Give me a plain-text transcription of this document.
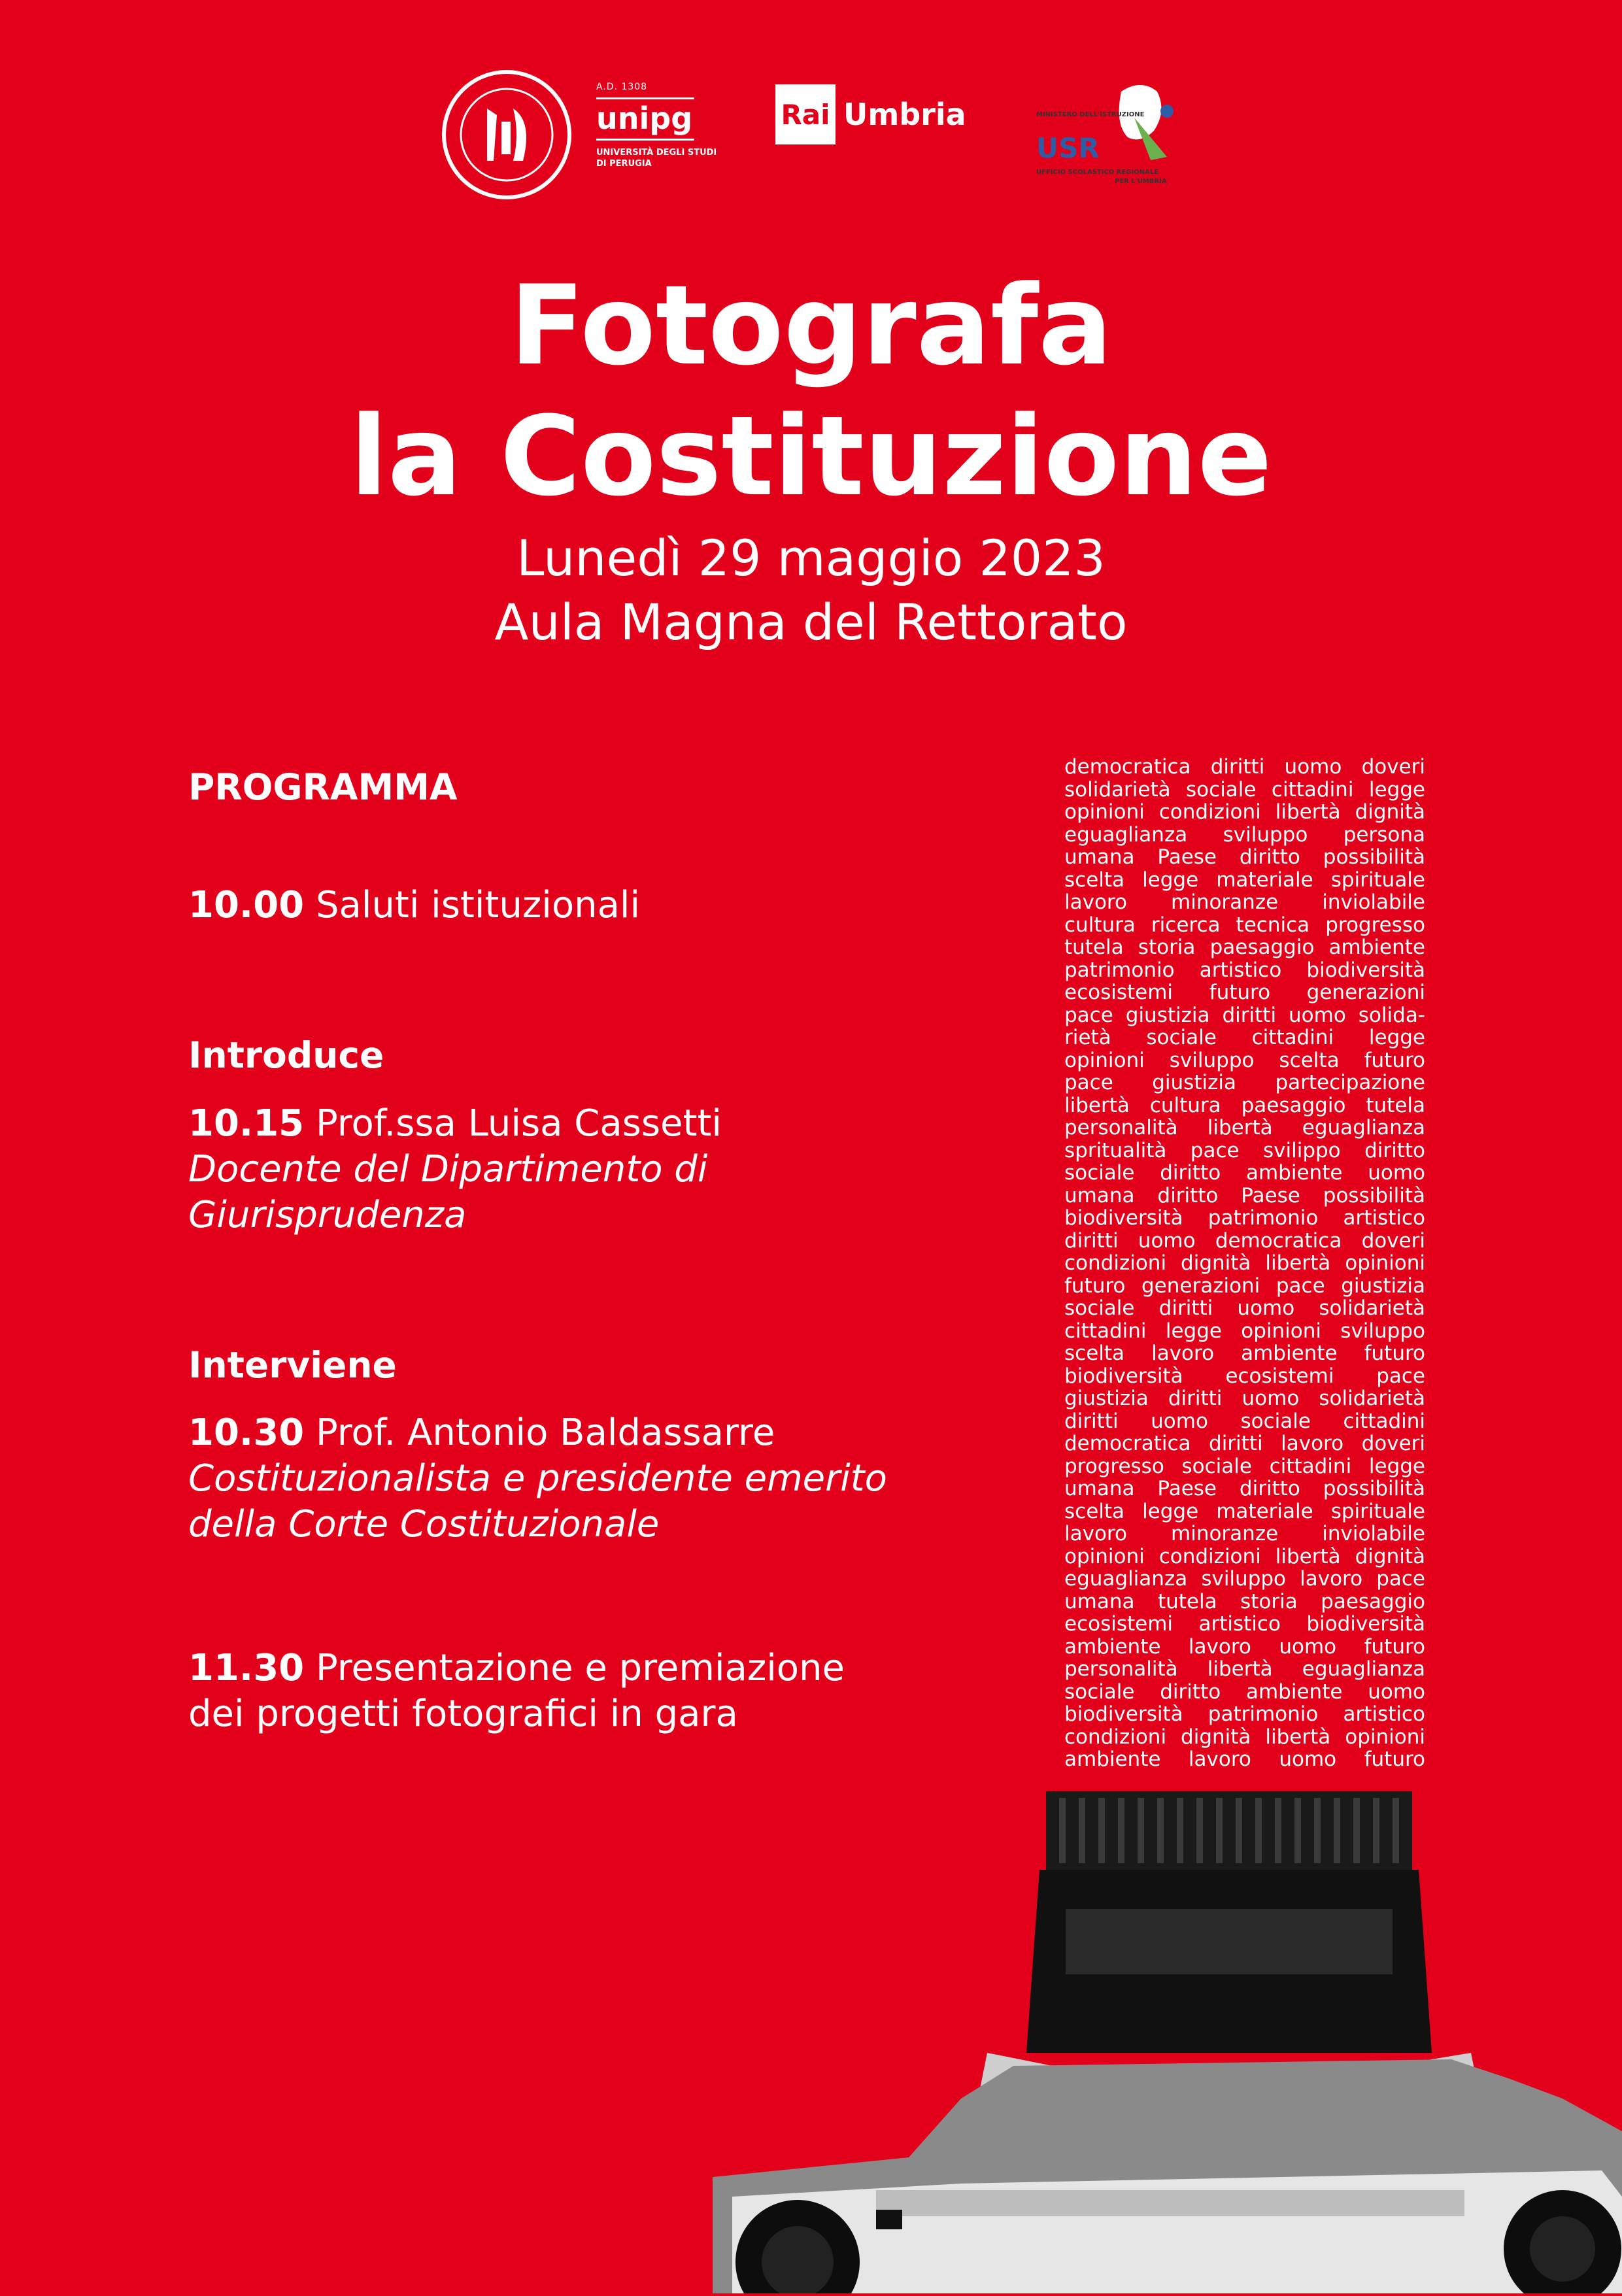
A.D. 1308
unipg
UNIVERSITÀ DEGLI STUDI
DI PERUGIA
Rai Umbria	MINISTERO DELL'ISTRUZIONE
USR
UFFICIO SCOLASTICO REGIONALE
PER L'UMBRIA
Fotografa
la Costituzione
Lunedì 29 maggio 2023
Aula Magna del Rettorato
PROGRAMMA
10.00 Saluti istituzionali
Introduce
10.15 Prof.ssa Luisa Cassetti
Docente del Dipartimento di
Giurisprudenza
Interviene
10.30 Prof. Antonio Baldassarre
Costituzionalista e presidente emerito
della Corte Costituzionale
11.30 Presentazione e premiazione
dei progetti fotografici in gara
democratica diritti uomo doveri
solidarietà sociale cittadini legge
opinioni condizioni libertà dignità
eguaglianza sviluppo persona
umana Paese diritto possibilità
scelta legge materiale spirituale
lavoro minoranze inviolabile
cultura ricerca tecnica progresso
tutela storia paesaggio ambiente
patrimonio artistico biodiversità
ecosistemi futuro generazioni
pace giustizia diritti uomo solida-
rietà sociale cittadini legge
opinioni sviluppo scelta futuro
pace giustizia partecipazione
libertà cultura paesaggio tutela
personalità libertà eguaglianza
spritualità pace svilippo diritto
sociale diritto ambiente uomo
umana diritto Paese possibilità
biodiversità patrimonio artistico
diritti uomo democratica doveri
condizioni dignità libertà opinioni
futuro generazioni pace giustizia
sociale diritti uomo solidarietà
cittadini legge opinioni sviluppo
scelta lavoro ambiente futuro
biodiversità ecosistemi pace
giustizia diritti uomo solidarietà
diritti uomo sociale cittadini
democratica diritti lavoro doveri
progresso sociale cittadini legge
umana Paese diritto possibilità
scelta legge materiale spirituale
lavoro minoranze inviolabile
opinioni condizioni libertà dignità
eguaglianza sviluppo lavoro pace
umana tutela storia paesaggio
ecosistemi artistico biodiversità
ambiente lavoro uomo futuro
personalità libertà eguaglianza
sociale diritto ambiente uomo
biodiversità patrimonio artistico
condizioni dignità libertà opinioni
ambiente lavoro uomo futuro
